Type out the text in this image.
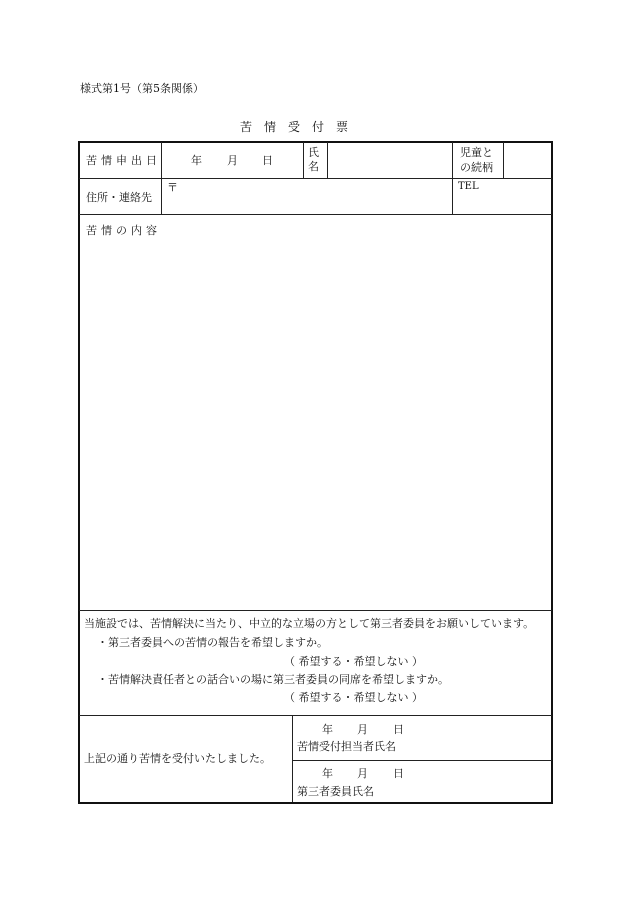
様式第1号（第5条関係）
苦　情　受　付　票
苦情申出日	年 月 日
氏
名
児童と
の続柄
住所・連絡先
〒	TEL
苦情の内容
当施設では、苦情解決に当たり、中立的な立場の方として第三者委員をお願いしています。
・第三者委員への苦情の報告を希望しますか。
（ 希望する・希望しない ）
・苦情解決責任者との話合いの場に第三者委員の同席を希望しますか。
（ 希望する・希望しない ）
上記の通り苦情を受付いたしました。
年 月 日
苦情受付担当者氏名
年 月 日
第三者委員氏名
